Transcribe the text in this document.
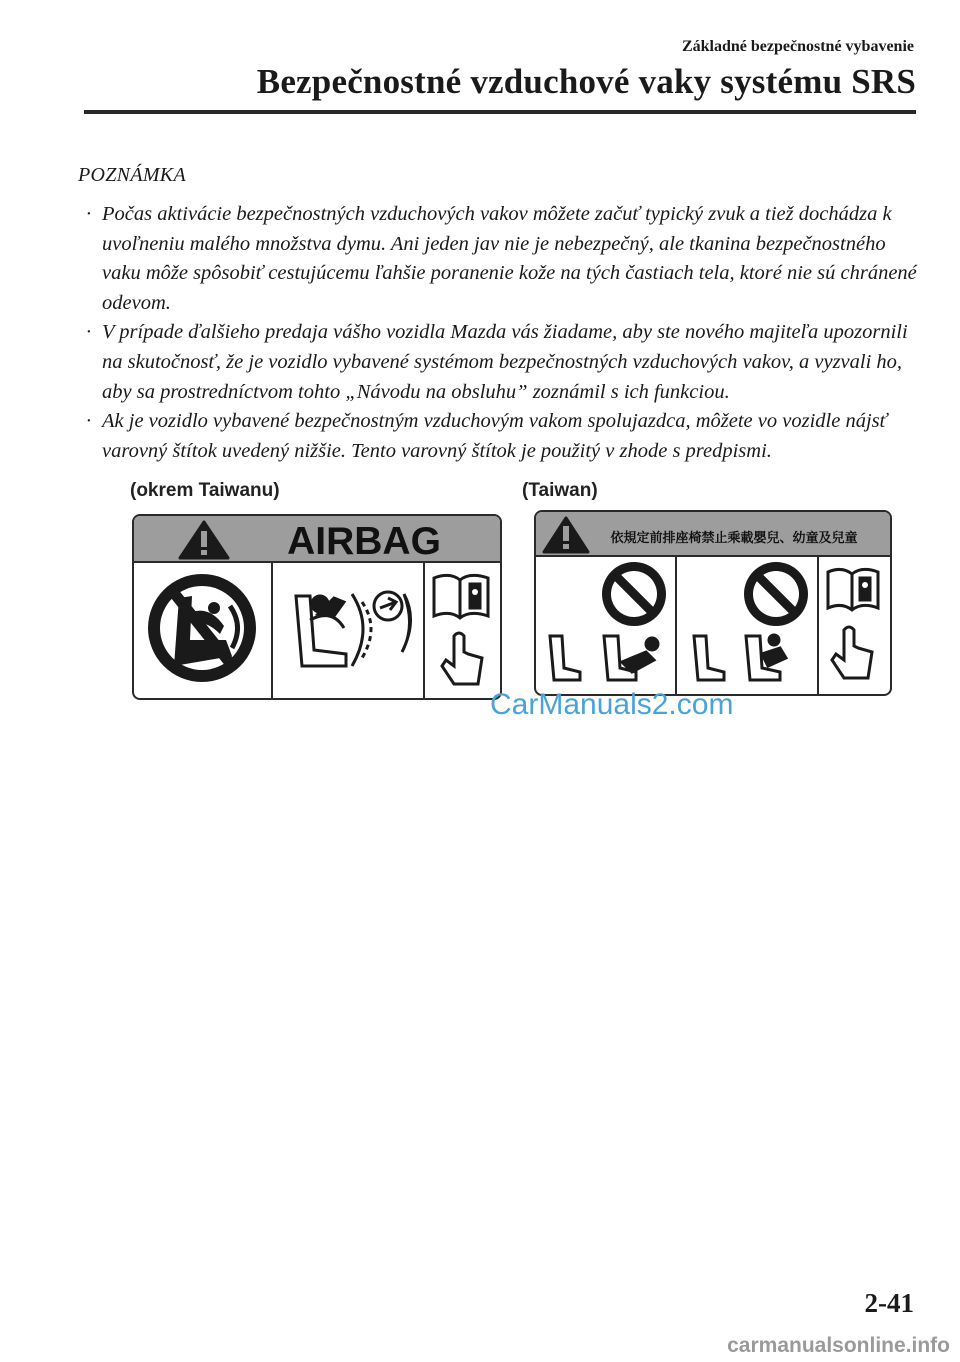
Základné bezpečnostné vybavenie
Bezpečnostné vzduchové vaky systému SRS
POZNÁMKA
· Počas aktivácie bezpečnostných vzduchových vakov môžete začuť typický zvuk a tiež dochádza k uvoľneniu malého množstva dymu. Ani jeden jav nie je nebezpečný, ale tkanina bezpečnostného vaku môže spôsobiť cestujúcemu ľahšie poranenie kože na tých častiach tela, ktoré nie sú chránené odevom.
· V prípade ďalšieho predaja vášho vozidla Mazda vás žiadame, aby ste nového majiteľa upozornili na skutočnosť, že je vozidlo vybavené systémom bezpečnostných vzduchových vakov, a vyzvali ho, aby sa prostredníctvom tohto „Návodu na obsluhu” zoznámil s ich funkciou.
· Ak je vozidlo vybavené bezpečnostným vzduchovým vakom spolujazdca, môžete vo vozidle nájsť varovný štítok uvedený nižšie. Tento varovný štítok je použitý v zhode s predpismi.
(okrem Taiwanu)	(Taiwan)
AIRBAG	依規定前排座椅禁止乘載嬰兒、幼童及兒童
CarManuals2.com
2-41
carmanualsonline.info
